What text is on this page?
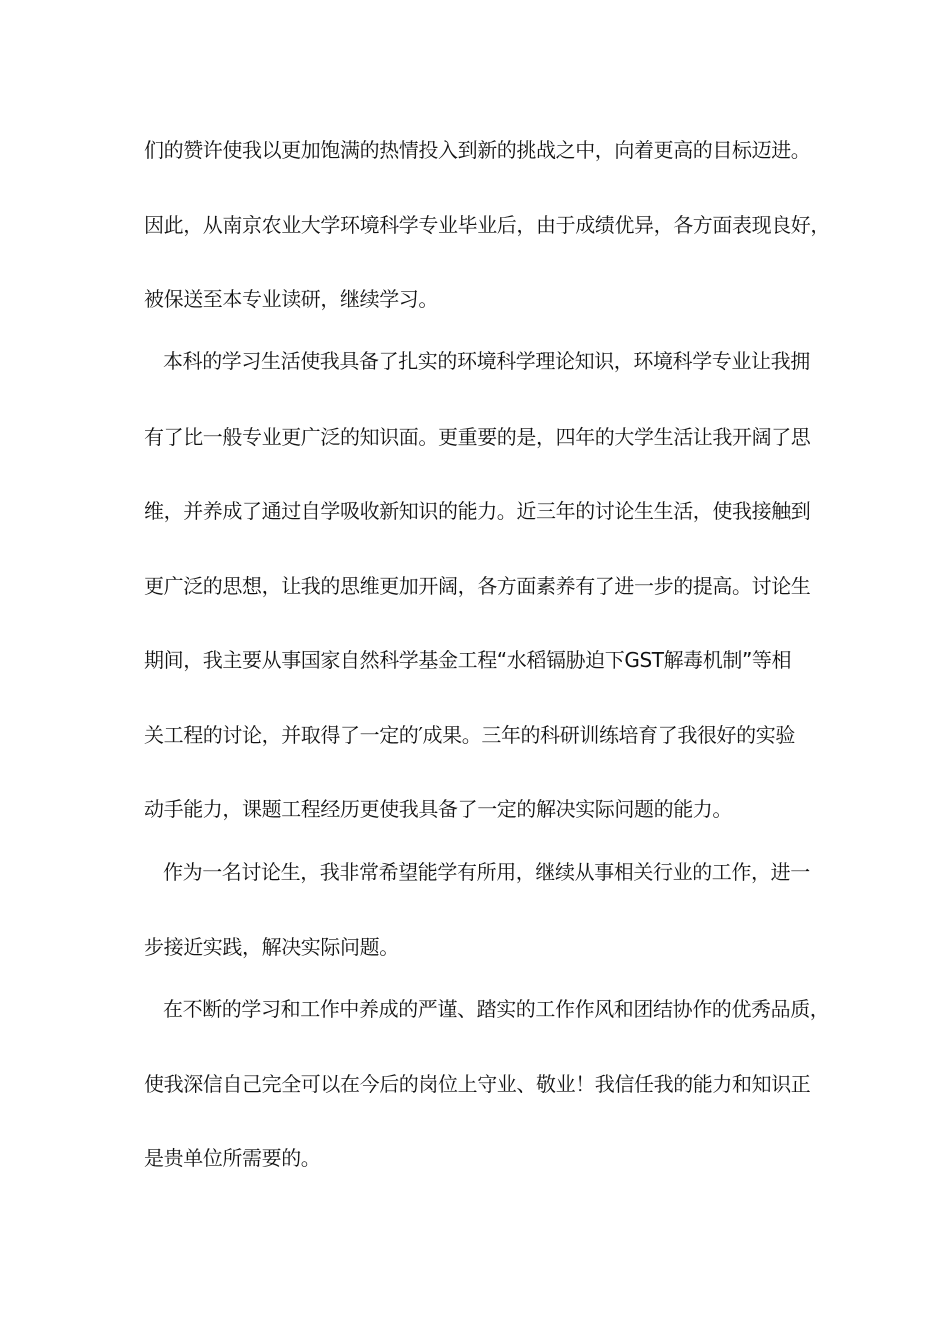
们的赞许使我以更加饱满的热情投入到新的挑战之中，向着更高的目标迈进。
因此，从南京农业大学环境科学专业毕业后，由于成绩优异，各方面表现良好，
被保送至本专业读研，继续学习。
本科的学习生活使我具备了扎实的环境科学理论知识，环境科学专业让我拥
有了比一般专业更广泛的知识面。更重要的是，四年的大学生活让我开阔了思
维，并养成了通过自学吸收新知识的能力。近三年的讨论生生活，使我接触到
更广泛的思想，让我的思维更加开阔，各方面素养有了进一步的提高。讨论生
期间，我主要从事国家自然科学基金工程“水稻镉胁迫下GST解毒机制”等相
关工程的讨论，并取得了一定的′成果。三年的科研训练培育了我很好的实验
动手能力，课题工程经历更使我具备了一定的解决实际问题的能力。
作为一名讨论生，我非常希望能学有所用，继续从事相关行业的工作，进一
步接近实践，解决实际问题。
在不断的学习和工作中养成的严谨、踏实的工作作风和团结协作的优秀品质，
使我深信自己完全可以在今后的岗位上守业、敬业！我信任我的能力和知识正
是贵单位所需要的。
